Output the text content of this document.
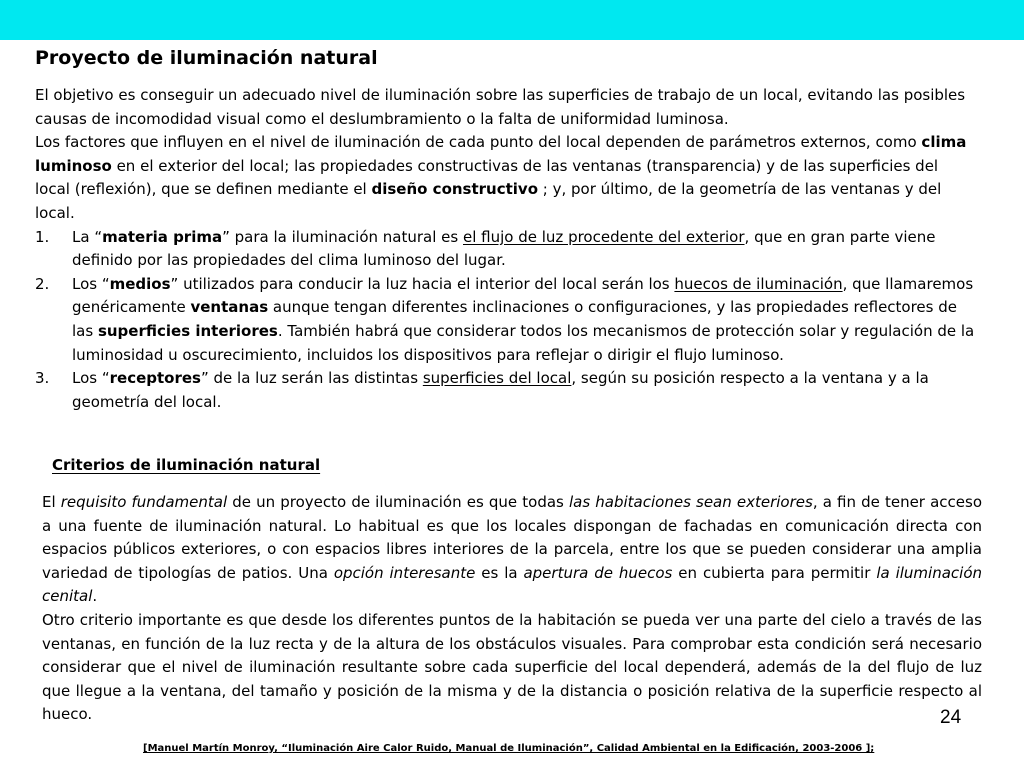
Proyecto de iluminación natural

El objetivo es conseguir un adecuado nivel de iluminación sobre las superficies de trabajo de un local, evitando las posibles causas de incomodidad visual como el deslumbramiento o la falta de uniformidad luminosa.

Los factores que influyen en el nivel de iluminación de cada punto del local dependen de parámetros externos, como clima luminoso en el exterior del local; las propiedades constructivas de las ventanas (transparencia) y de las superficies del local (reflexión), que se definen mediante el diseño constructivo ; y, por último, de la geometría de las ventanas y del local.

1. La “materia prima” para la iluminación natural es el flujo de luz procedente del exterior, que en gran parte viene definido por las propiedades del clima luminoso del lugar.
2. Los “medios” utilizados para conducir la luz hacia el interior del local serán los huecos de iluminación, que llamaremos genéricamente ventanas aunque tengan diferentes inclinaciones o configuraciones, y las propiedades reflectores de las superficies interiores. También habrá que considerar todos los mecanismos de protección solar y regulación de la luminosidad u oscurecimiento, incluidos los dispositivos para reflejar o dirigir el flujo luminoso.
3. Los “receptores” de la luz serán las distintas superficies del local, según su posición respecto a la ventana y a la geometría del local.
Criterios de iluminación natural

El requisito fundamental de un proyecto de iluminación es que todas las habitaciones sean exteriores, a fin de tener acceso a una fuente de iluminación natural. Lo habitual es que los locales dispongan de fachadas en comunicación directa con espacios públicos exteriores, o con espacios libres interiores de la parcela, entre los que se pueden considerar una amplia variedad de tipologías de patios. Una opción interesante es la apertura de huecos en cubierta para permitir la iluminación cenital.

Otro criterio importante es que desde los diferentes puntos de la habitación se pueda ver una parte del cielo a través de las ventanas, en función de la luz recta y de la altura de los obstáculos visuales. Para comprobar esta condición será necesario considerar que el nivel de iluminación resultante sobre cada superficie del local dependerá, además de la del flujo de luz que llegue a la ventana, del tamaño y posición de la misma y de la distancia o posición relativa de la superficie respecto al hueco.	24
[Manuel Martín Monroy, “Iluminación Aire Calor Ruido, Manual de Iluminación”, Calidad Ambiental en la Edificación, 2003-2006 ];
